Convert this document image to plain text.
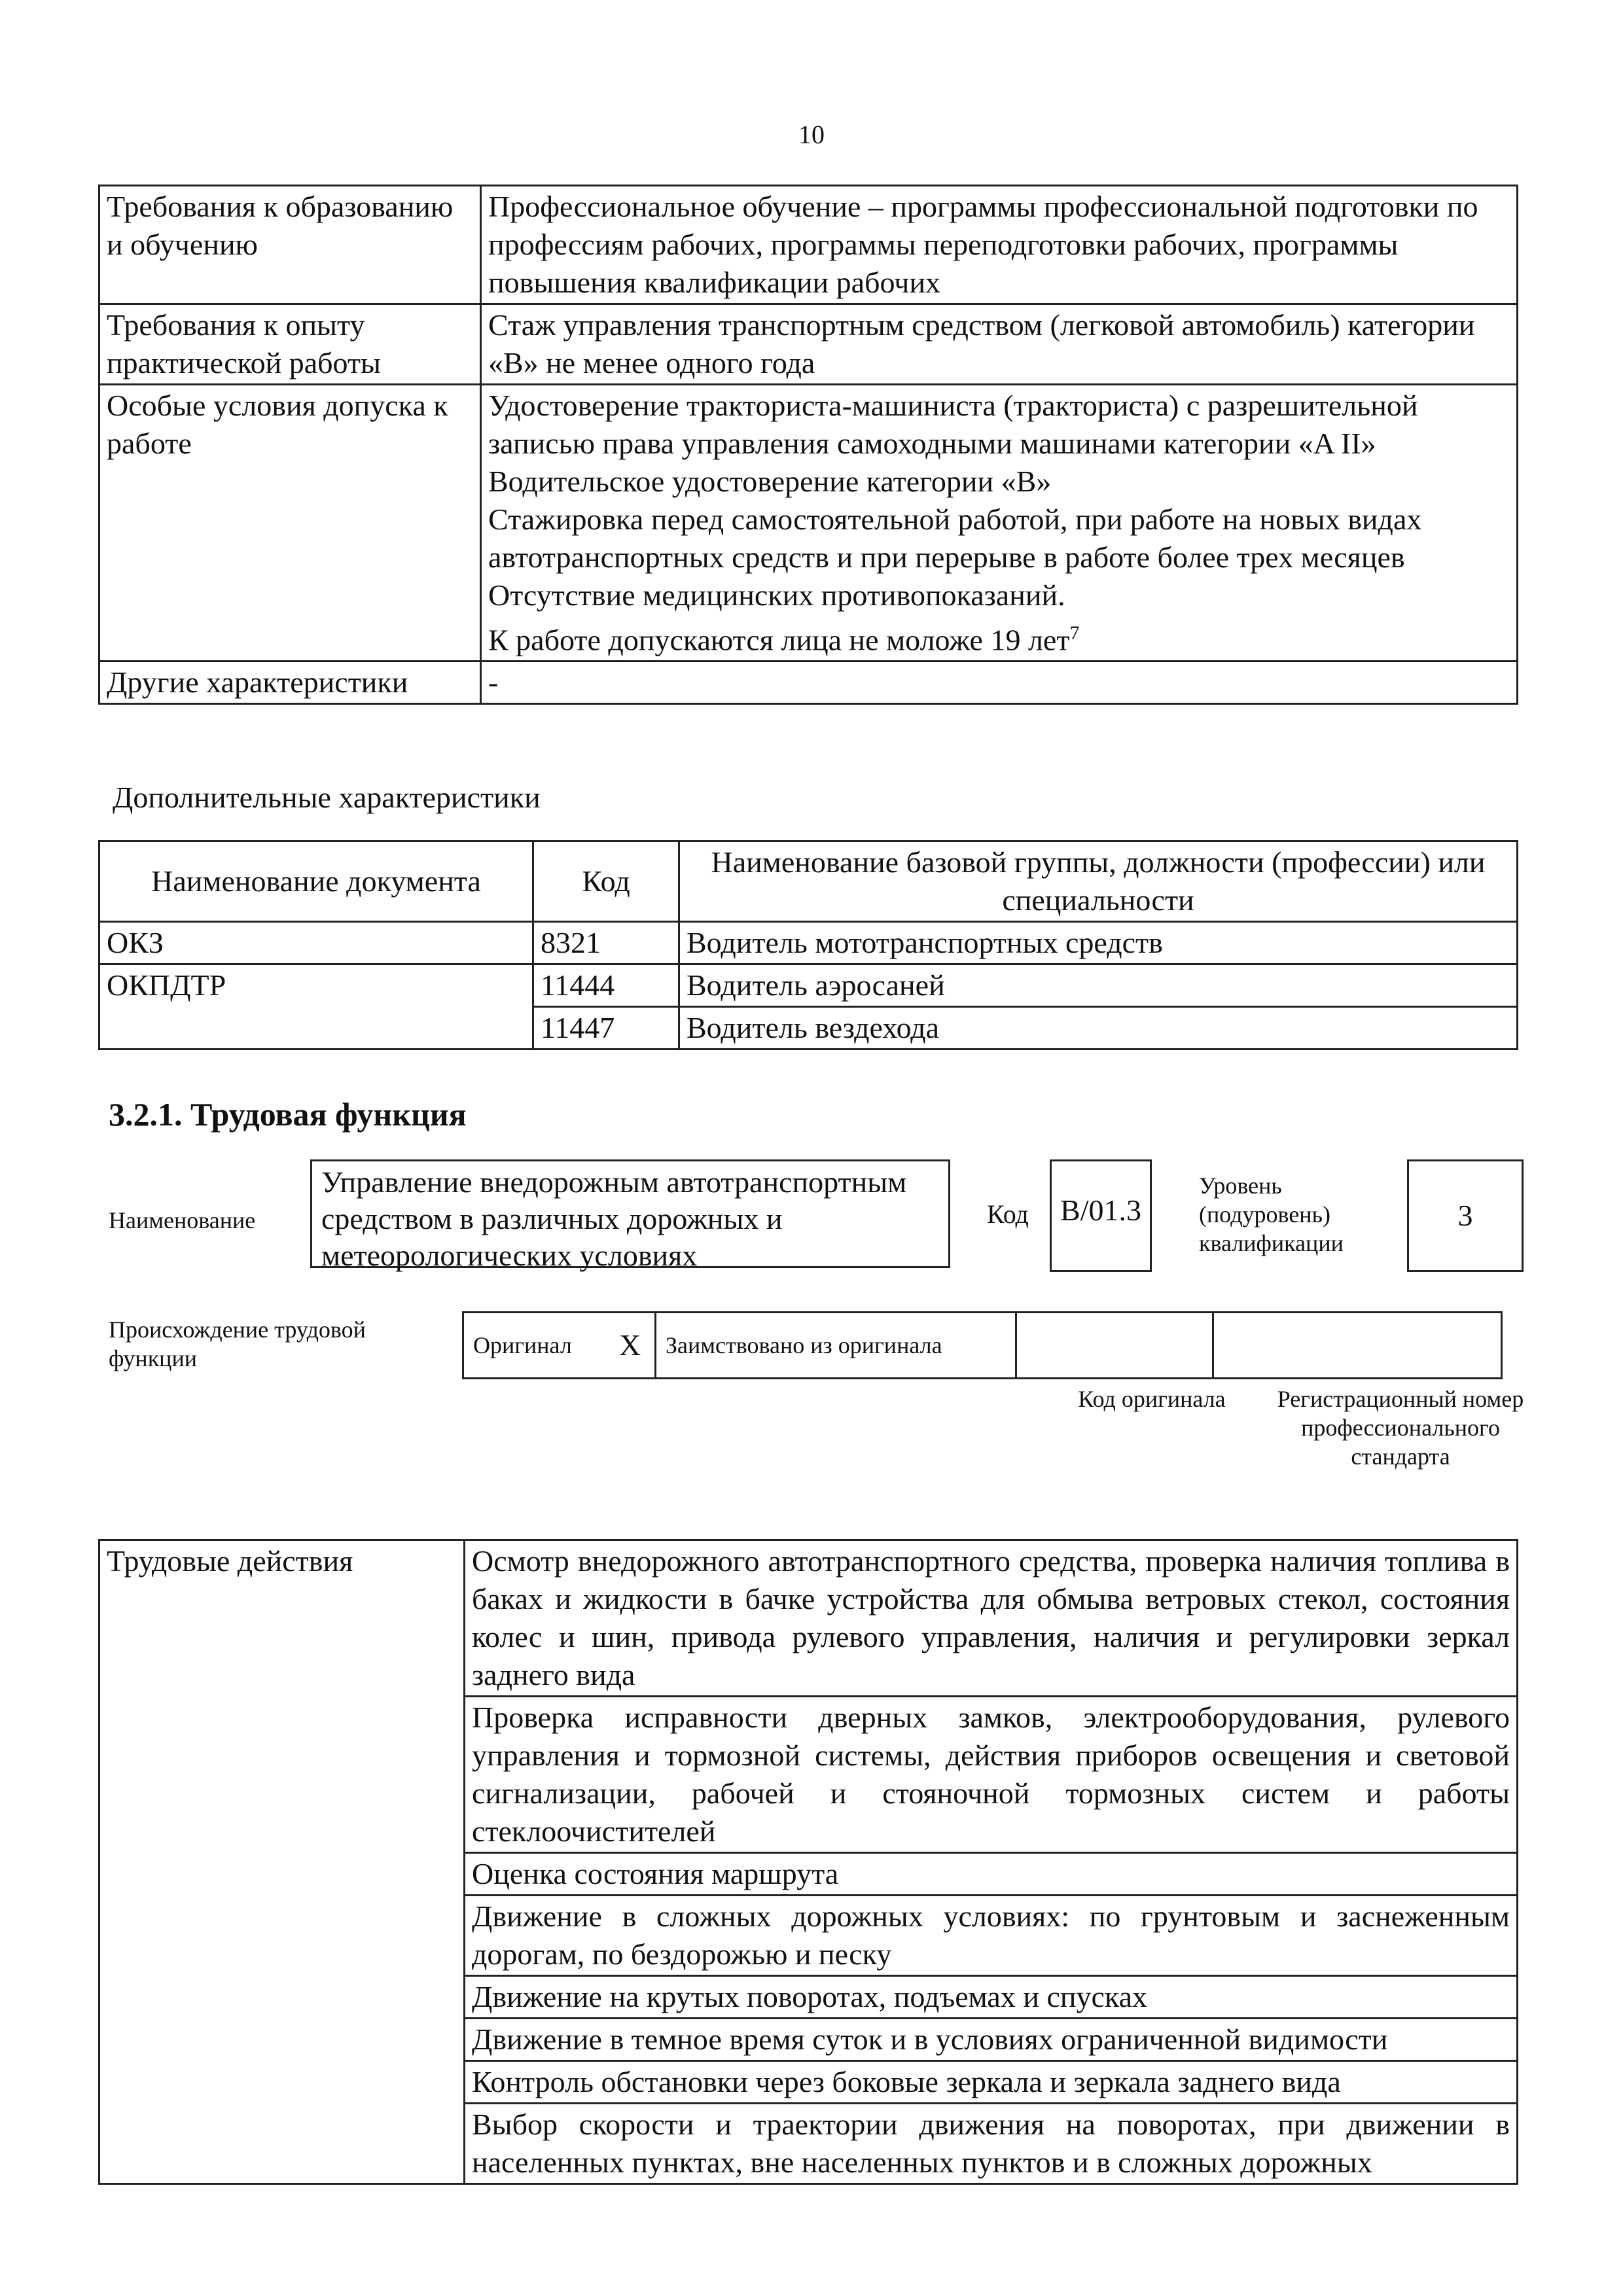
10
Требования к образованию и обучению	Профессиональное обучение – программы профессиональной подготовки по профессиям рабочих, программы переподготовки рабочих, программы повышения квалификации рабочих

Требования к опыту практической работы	Стаж управления транспортным средством (легковой автомобиль) категории «B» не менее одного года

Особые условия допуска к работе	Удостоверение тракториста-машиниста (тракториста) с разрешительной записью права управления самоходными машинами категории «A II»
Водительское удостоверение категории «B»
Стажировка перед самостоятельной работой, при работе на новых видах автотранспортных средств и при перерыве в работе более трех месяцев
Отсутствие медицинских противопоказаний.
К работе допускаются лица не моложе 19 лет$^7$

Другие характеристики	-
Дополнительные характеристики
Наименование документа	Код	Наименование базовой группы, должности (профессии) или специальности
ОКЗ	8321	Водитель мототранспортных средств
ОКПДТР	11444	Водитель аэросаней
	11447	Водитель вездехода
3.2.1. Трудовая функция
Наименование
Управление внедорожным автотранспортным средством в различных дорожных и метеорологических условиях
Код	B/01.3
Уровень (подуровень) квалификации
3
Происхождение трудовой функции	Оригинал	X	Заимствовано из оригинала		
Код оригинала	Регистрационный номер профессионального стандарта
Трудовые действия	Осмотр внедорожного автотранспортного средства, проверка наличия топлива в баках и жидкости в бачке устройства для обмыва ветровых стекол, состояния колес и шин, привода рулевого управления, наличия и регулировки зеркал заднего вида
Проверка исправности дверных замков, электрооборудования, рулевого управления и тормозной системы, действия приборов освещения и световой сигнализации, рабочей и стояночной тормозных систем и работы стеклоочистителей
Оценка состояния маршрута
Движение в сложных дорожных условиях: по грунтовым и заснеженным дорогам, по бездорожью и песку
Движение на крутых поворотах, подъемах и спусках
Движение в темное время суток и в условиях ограниченной видимости
Контроль обстановки через боковые зеркала и зеркала заднего вида
Выбор скорости и траектории движения на поворотах, при движении в населенных пунктах, вне населенных пунктов и в сложных дорожных
